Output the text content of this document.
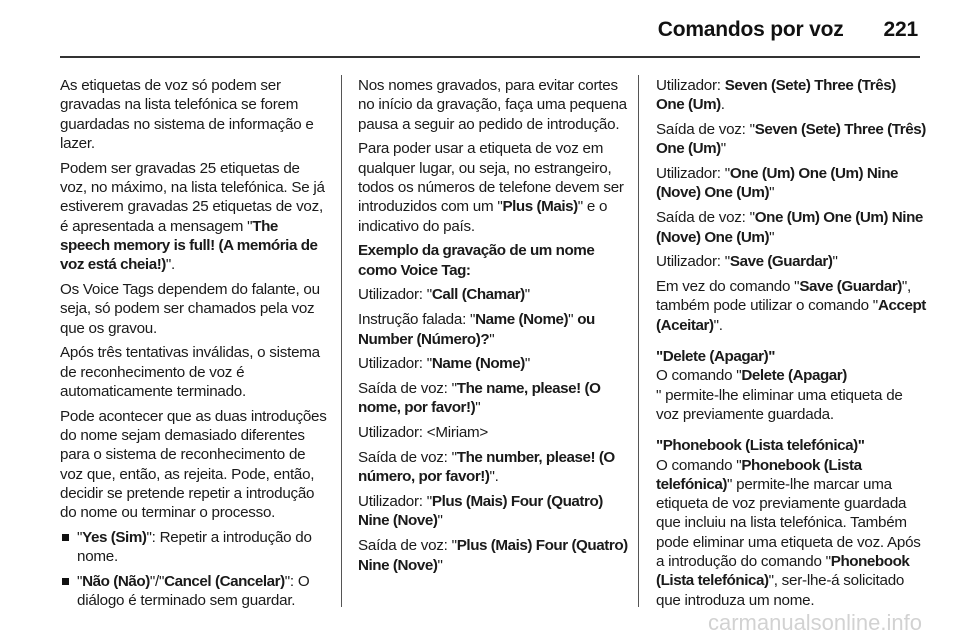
Comandos por voz 221

As etiquetas de voz só podem ser gravadas na lista telefónica se forem guardadas no sistema de informação e lazer.

Podem ser gravadas 25 etiquetas de voz, no máximo, na lista telefónica. Se já estiverem gravadas 25 etiquetas de voz, é apresentada a mensagem "The speech memory is full! (A memória de voz está cheia!)".

Os Voice Tags dependem do falante, ou seja, só podem ser chamados pela voz que os gravou.

Após três tentativas inválidas, o sistema de reconhecimento de voz é automaticamente terminado.

Pode acontecer que as duas introduções do nome sejam demasiado diferentes para o sistema de reconhecimento de voz que, então, as rejeita. Pode, então, decidir se pretende repetir a introdução do nome ou terminar o processo.

"Yes (Sim)": Repetir a introdução do nome.

"Não (Não)"/"Cancel (Cancelar)": O diálogo é terminado sem guardar.

Nos nomes gravados, para evitar cortes no início da gravação, faça uma pequena pausa a seguir ao pedido de introdução.

Para poder usar a etiqueta de voz em qualquer lugar, ou seja, no estrangeiro, todos os números de telefone devem ser introduzidos com um "Plus (Mais)" e o indicativo do país.

Exemplo da gravação de um nome como Voice Tag:

Utilizador: "Call (Chamar)"

Instrução falada: "Name (Nome)" ou Number (Número)?"

Utilizador: "Name (Nome)"

Saída de voz: "The name, please! (O nome, por favor!)"

Utilizador: <Miriam>

Saída de voz: "The number, please! (O número, por favor!)".

Utilizador: "Plus (Mais) Four (Quatro) Nine (Nove)"

Saída de voz: "Plus (Mais) Four (Quatro) Nine (Nove)"

Utilizador: Seven (Sete) Three (Três) One (Um).

Saída de voz: "Seven (Sete) Three (Três) One (Um)"

Utilizador: "One (Um) One (Um) Nine (Nove) One (Um)"

Saída de voz: "One (Um) One (Um) Nine (Nove) One (Um)"

Utilizador: "Save (Guardar)"

Em vez do comando "Save (Guardar)", também pode utilizar o comando "Accept (Aceitar)".

"Delete (Apagar)"

O comando "Delete (Apagar)
" permite-lhe eliminar uma etiqueta de voz previamente guardada.

"Phonebook (Lista telefónica)"

O comando "Phonebook (Lista telefónica)" permite-lhe marcar uma etiqueta de voz previamente guardada que incluiu na lista telefónica. Também pode eliminar uma etiqueta de voz. Após a introdução do comando "Phonebook (Lista telefónica)", ser-lhe-á solicitado que introduza um nome.

carmanualsonline.info
